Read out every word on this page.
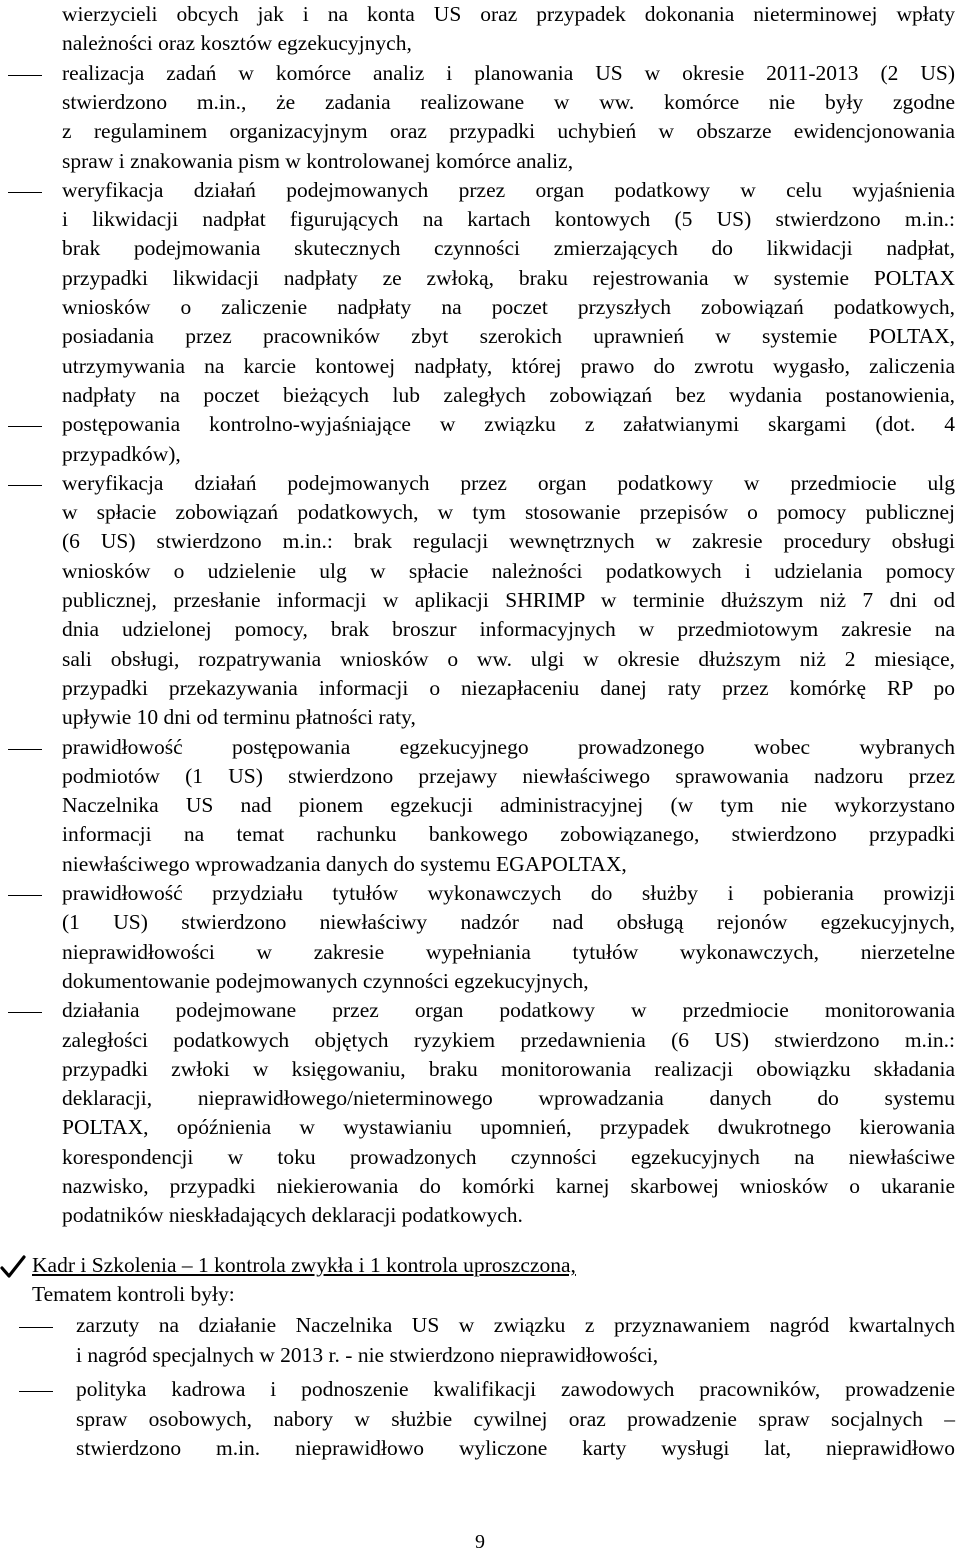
wierzycieli obcych jak i na konta US oraz przypadek dokonania nieterminowej wpłaty
należności oraz kosztów egzekucyjnych,
realizacja zadań w komórce analiz i planowania US w okresie 2011-2013 (2 US)
stwierdzono m.in., że zadania realizowane w ww. komórce nie były zgodne
z regulaminem organizacyjnym oraz przypadki uchybień w obszarze ewidencjonowania
spraw i znakowania pism w kontrolowanej komórce analiz,
weryfikacja działań podejmowanych przez organ podatkowy w celu wyjaśnienia
i likwidacji nadpłat figurujących na kartach kontowych (5 US) stwierdzono m.in.:
brak podejmowania skutecznych czynności zmierzających do likwidacji nadpłat,
przypadki likwidacji nadpłaty ze zwłoką, braku rejestrowania w systemie POLTAX
wniosków o zaliczenie nadpłaty na poczet przyszłych zobowiązań podatkowych,
posiadania przez pracowników zbyt szerokich uprawnień w systemie POLTAX,
utrzymywania na karcie kontowej nadpłaty, której prawo do zwrotu wygasło, zaliczenia
nadpłaty na poczet bieżących lub zaległych zobowiązań bez wydania postanowienia,
postępowania kontrolno-wyjaśniające w związku z załatwianymi skargami (dot. 4
przypadków),
weryfikacja działań podejmowanych przez organ podatkowy w przedmiocie ulg
w spłacie zobowiązań podatkowych, w tym stosowanie przepisów o pomocy publicznej
(6 US) stwierdzono m.in.: brak regulacji wewnętrznych w zakresie procedury obsługi
wniosków o udzielenie ulg w spłacie należności podatkowych i udzielania pomocy
publicznej, przesłanie informacji w aplikacji SHRIMP w terminie dłuższym niż 7 dni od
dnia udzielonej pomocy, brak broszur informacyjnych w przedmiotowym zakresie na
sali obsługi, rozpatrywania wniosków o ww. ulgi w okresie dłuższym niż 2 miesiące,
przypadki przekazywania informacji o niezapłaceniu danej raty przez komórkę RP po
upływie 10 dni od terminu płatności raty,
prawidłowość postępowania egzekucyjnego prowadzonego wobec wybranych
podmiotów (1 US) stwierdzono przejawy niewłaściwego sprawowania nadzoru przez
Naczelnika US nad pionem egzekucji administracyjnej (w tym nie wykorzystano
informacji na temat rachunku bankowego zobowiązanego, stwierdzono przypadki
niewłaściwego wprowadzania danych do systemu EGAPOLTAX,
prawidłowość przydziału tytułów wykonawczych do służby i pobierania prowizji
(1 US) stwierdzono niewłaściwy nadzór nad obsługą rejonów egzekucyjnych,
nieprawidłowości w zakresie wypełniania tytułów wykonawczych, nierzetelne
dokumentowanie podejmowanych czynności egzekucyjnych,
działania podejmowane przez organ podatkowy w przedmiocie monitorowania
zaległości podatkowych objętych ryzykiem przedawnienia (6 US) stwierdzono m.in.:
przypadki zwłoki w księgowaniu, braku monitorowania realizacji obowiązku składania
deklaracji, nieprawidłowego/nieterminowego wprowadzania danych do systemu
POLTAX, opóźnienia w wystawianiu upomnień, przypadek dwukrotnego kierowania
korespondencji w toku prowadzonych czynności egzekucyjnych na niewłaściwe
nazwisko, przypadki niekierowania do komórki karnej skarbowej wniosków o ukaranie
podatników nieskładających deklaracji podatkowych.
Kadr i Szkolenia – 1 kontrola zwykła i 1 kontrola uproszczona,
Tematem kontroli były:
zarzuty na działanie Naczelnika US w związku z przyznawaniem nagród kwartalnych
i nagród specjalnych w 2013 r. - nie stwierdzono nieprawidłowości,
polityka kadrowa i podnoszenie kwalifikacji zawodowych pracowników, prowadzenie
spraw osobowych, nabory w służbie cywilnej oraz prowadzenie spraw socjalnych –
stwierdzono m.in. nieprawidłowo wyliczone karty wysługi lat, nieprawidłowo
9
